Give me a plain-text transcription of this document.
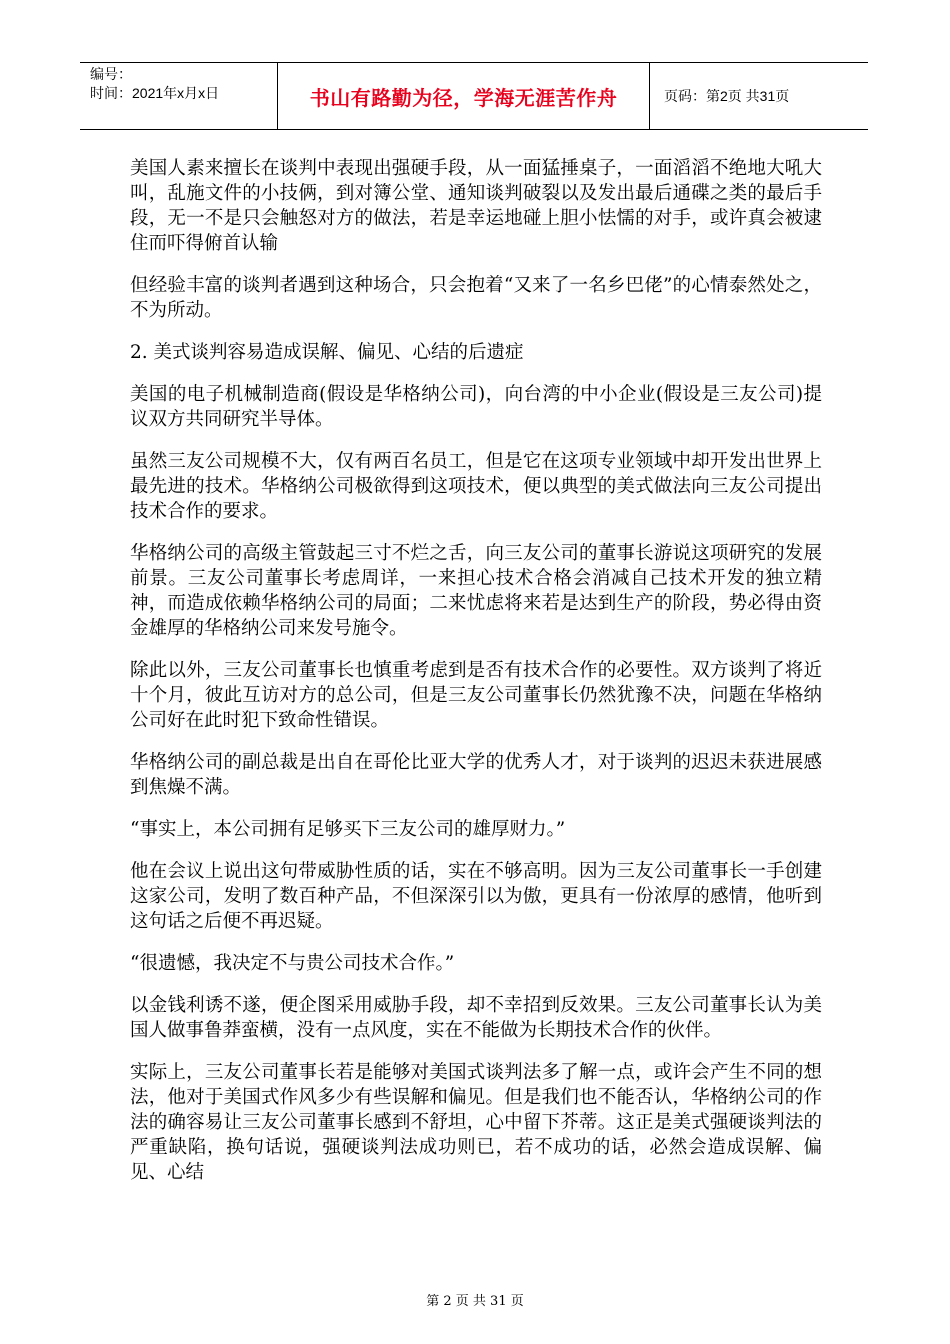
编号：
时间：2021年x月x日	书山有路勤为径，学海无涯苦作舟	页码：第2页 共31页

美国人素来擅长在谈判中表现出强硬手段，从一面猛捶桌子，一面滔滔不绝地大吼大叫，乱施文件的小技俩，到对簿公堂、通知谈判破裂以及发出最后通碟之类的最后手段，无一不是只会触怒对方的做法，若是幸运地碰上胆小怯懦的对手，或许真会被逮住而吓得俯首认输

但经验丰富的谈判者遇到这种场合，只会抱着“又来了一名乡巴佬”的心情泰然处之，不为所动。

2. 美式谈判容易造成误解、偏见、心结的后遗症

美国的电子机械制造商(假设是华格纳公司)，向台湾的中小企业(假设是三友公司)提议双方共同研究半导体。

虽然三友公司规模不大，仅有两百名员工，但是它在这项专业领域中却开发出世界上最先进的技术。华格纳公司极欲得到这项技术，便以典型的美式做法向三友公司提出技术合作的要求。

华格纳公司的高级主管鼓起三寸不烂之舌，向三友公司的董事长游说这项研究的发展前景。三友公司董事长考虑周详，一来担心技术合格会消减自己技术开发的独立精神，而造成依赖华格纳公司的局面；二来忧虑将来若是达到生产的阶段，势必得由资金雄厚的华格纳公司来发号施令。

除此以外，三友公司董事长也慎重考虑到是否有技术合作的必要性。双方谈判了将近十个月，彼此互访对方的总公司，但是三友公司董事长仍然犹豫不决，问题在华格纳公司好在此时犯下致命性错误。

华格纳公司的副总裁是出自在哥伦比亚大学的优秀人才，对于谈判的迟迟未获进展感到焦燥不满。

“事实上，本公司拥有足够买下三友公司的雄厚财力。”

他在会议上说出这句带威胁性质的话，实在不够高明。因为三友公司董事长一手创建这家公司，发明了数百种产品，不但深深引以为傲，更具有一份浓厚的感情，他听到这句话之后便不再迟疑。

“很遗憾，我决定不与贵公司技术合作。”

以金钱利诱不遂，便企图采用威胁手段，却不幸招到反效果。三友公司董事长认为美国人做事鲁莽蛮横，没有一点风度，实在不能做为长期技术合作的伙伴。

实际上，三友公司董事长若是能够对美国式谈判法多了解一点，或许会产生不同的想法，他对于美国式作风多少有些误解和偏见。但是我们也不能否认，华格纳公司的作法的确容易让三友公司董事长感到不舒坦，心中留下芥蒂。这正是美式强硬谈判法的严重缺陷，换句话说，强硬谈判法成功则已，若不成功的话，必然会造成误解、偏见、心结

第 2 页 共 31 页
